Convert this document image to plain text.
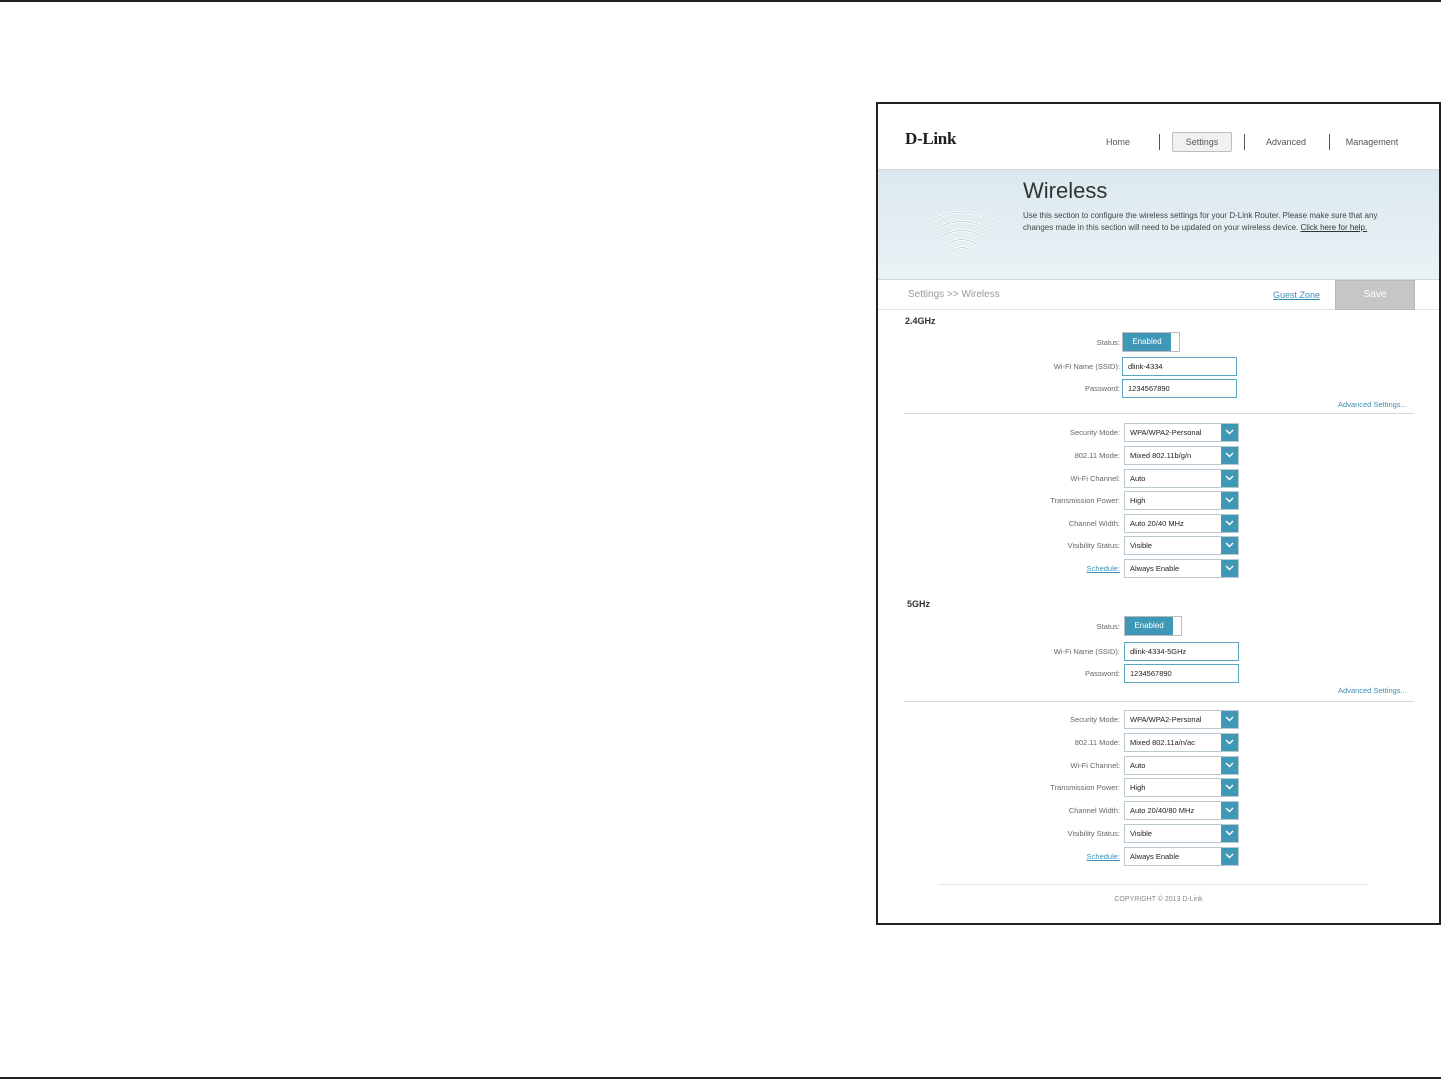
D-Link	Home	Settings	Advanced	Management
Wireless
Use this section to configure the wireless settings for your D-Link Router. Please make sure that any changes made in this section will need to be updated on your wireless device. Click here for help.
Settings >> Wireless	Guest Zone	Save
2.4GHz
Status:	Enabled
Wi-Fi Name (SSID):	dlink-4334
Password:	1234567890
Advanced Settings...
Security Mode: WPA/WPA2-Personal
802.11 Mode: Mixed 802.11b/g/n
Wi-Fi Channel: Auto
Transmission Power: High
Channel Width: Auto 20/40 MHz
Visibility Status: Visible
Schedule: Always Enable
5GHz
Status:	Enabled
Wi-Fi Name (SSID):	dlink-4334-5GHz
Password:	1234567890
Advanced Settings...
Security Mode: WPA/WPA2-Personal
802.11 Mode: Mixed 802.11a/n/ac
Wi-Fi Channel: Auto
Transmission Power: High
Channel Width: Auto 20/40/80 MHz
Visibility Status: Visible
Schedule: Always Enable
COPYRIGHT © 2013 D-Link
